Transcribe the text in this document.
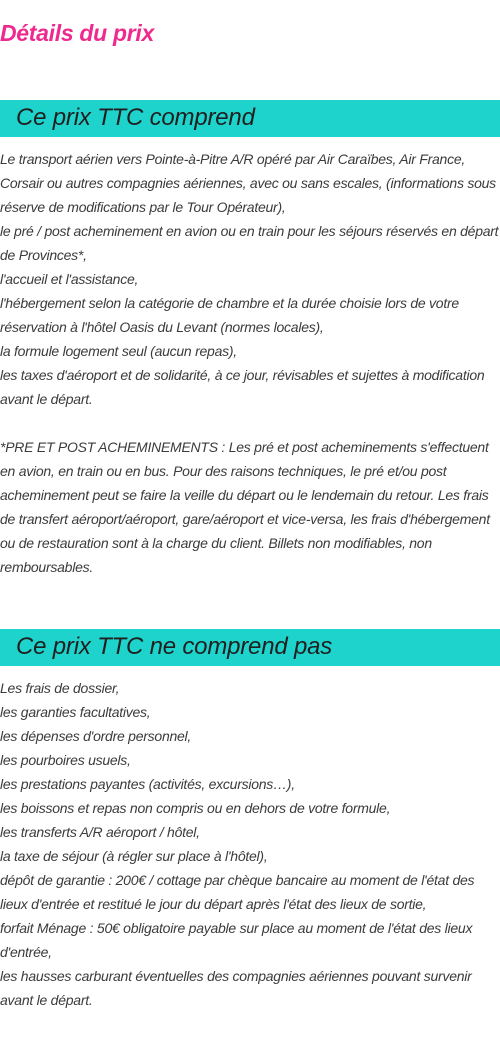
Détails du prix
Ce prix TTC comprend

Le transport aérien vers Pointe-à-Pitre A/R opéré par Air Caraïbes, Air France, Corsair ou autres compagnies aériennes, avec ou sans escales, (informations sous réserve de modifications par le Tour Opérateur),

le pré / post acheminement en avion ou en train pour les séjours réservés en départ de Provinces*,

l'accueil et l'assistance,

l'hébergement selon la catégorie de chambre et la durée choisie lors de votre réservation à l'hôtel Oasis du Levant (normes locales),

la formule logement seul (aucun repas),

les taxes d'aéroport et de solidarité, à ce jour, révisables et sujettes à modification avant le départ.

*PRE ET POST ACHEMINEMENTS : Les pré et post acheminements s'effectuent en avion, en train ou en bus. Pour des raisons techniques, le pré et/ou post acheminement peut se faire la veille du départ ou le lendemain du retour. Les frais de transfert aéroport/aéroport, gare/aéroport et vice-versa, les frais d'hébergement ou de restauration sont à la charge du client. Billets non modifiables, non remboursables.

Ce prix TTC ne comprend pas

Les frais de dossier,

les garanties facultatives,

les dépenses d'ordre personnel,

les pourboires usuels,

les prestations payantes (activités, excursions…),

les boissons et repas non compris ou en dehors de votre formule,

les transferts A/R aéroport / hôtel,

la taxe de séjour (à régler sur place à l'hôtel),

dépôt de garantie : 200€ / cottage par chèque bancaire au moment de l'état des lieux d'entrée et restitué le jour du départ après l'état des lieux de sortie,

forfait Ménage : 50€ obligatoire payable sur place au moment de l'état des lieux d'entrée,

les hausses carburant éventuelles des compagnies aériennes pouvant survenir avant le départ.
